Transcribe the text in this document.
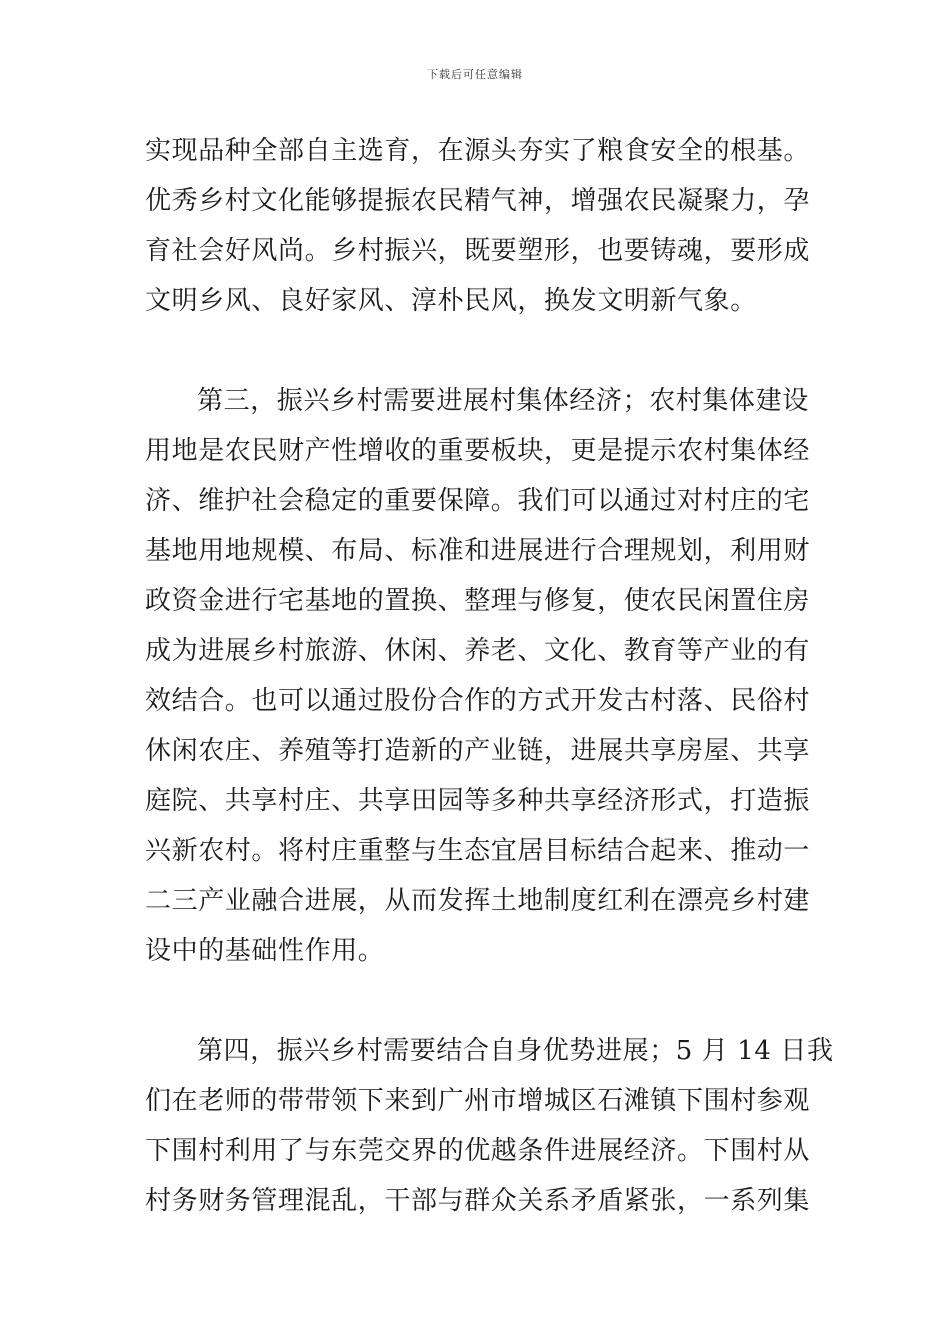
下载后可任意编辑
实现品种全部自主选育，在源头夯实了粮食安全的根基。
优秀乡村文化能够提振农民精气神，增强农民凝聚力，孕
育社会好风尚。乡村振兴，既要塑形，也要铸魂，要形成
文明乡风、良好家风、淳朴民风，换发文明新气象。
第三，振兴乡村需要进展村集体经济；农村集体建设
用地是农民财产性增收的重要板块，更是提示农村集体经
济、维护社会稳定的重要保障。我们可以通过对村庄的宅
基地用地规模、布局、标准和进展进行合理规划，利用财
政资金进行宅基地的置换、整理与修复，使农民闲置住房
成为进展乡村旅游、休闲、养老、文化、教育等产业的有
效结合。也可以通过股份合作的方式开发古村落、民俗村
休闲农庄、养殖等打造新的产业链，进展共享房屋、共享
庭院、共享村庄、共享田园等多种共享经济形式，打造振
兴新农村。将村庄重整与生态宜居目标结合起来、推动一
二三产业融合进展，从而发挥土地制度红利在漂亮乡村建
设中的基础性作用。
第四，振兴乡村需要结合自身优势进展；5 月 14 日我
们在老师的带带领下来到广州市增城区石滩镇下围村参观
下围村利用了与东莞交界的优越条件进展经济。下围村从
村务财务管理混乱，干部与群众关系矛盾紧张，一系列集
